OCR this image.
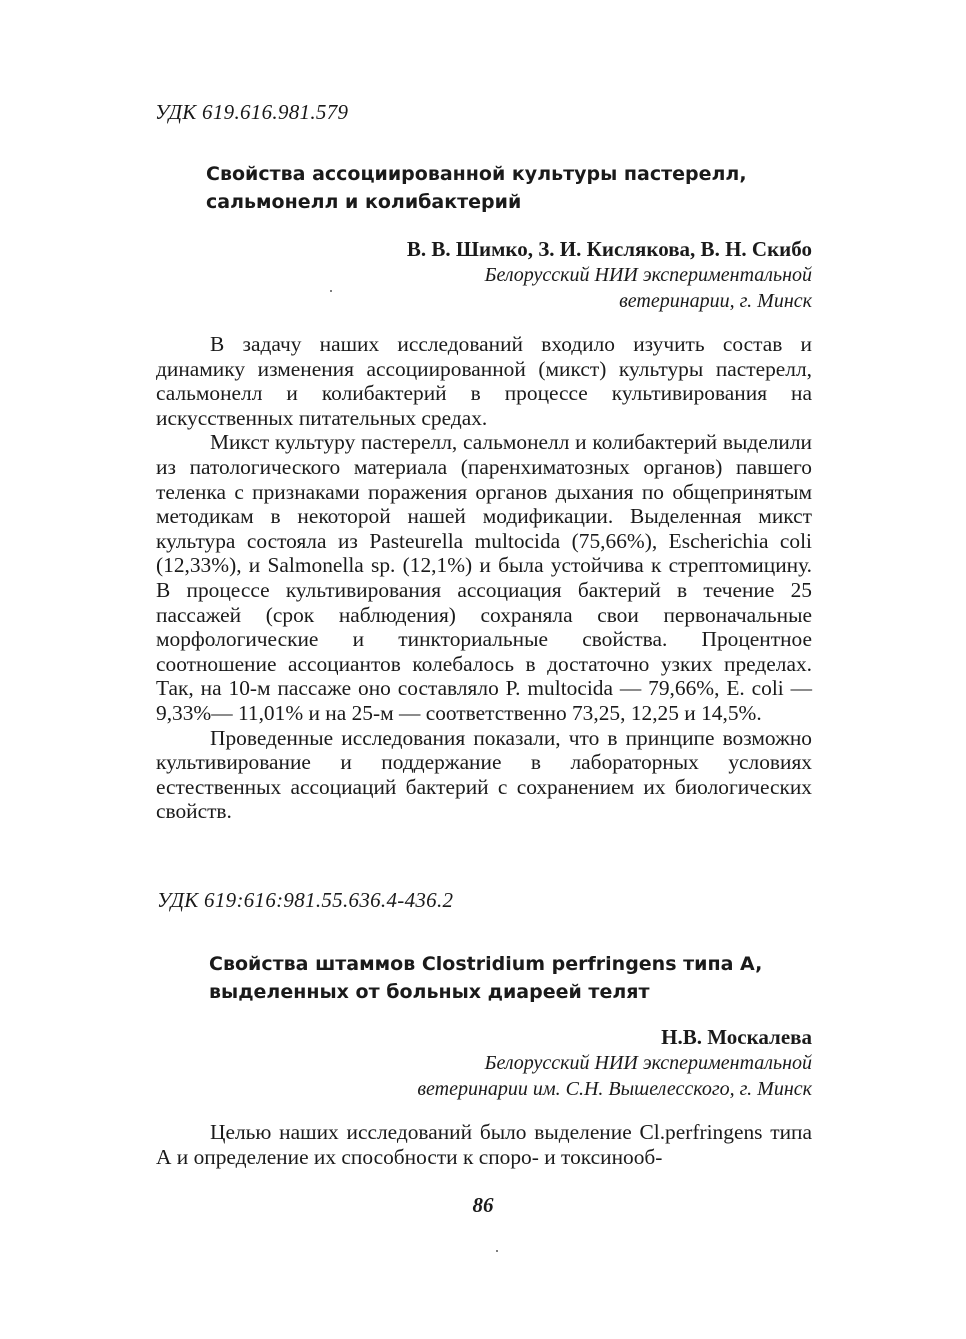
УДК 619.616.981.579

Свойства ассоциированной культуры пастерелл,
сальмонелл и колибактерий
В. В. Шимко, З. И. Кислякова, В. Н. Скибо
Белорусский НИИ экспериментальной
ветеринарии, г. Минск

В задачу наших исследований входило изучить состав и динамику изменения ассоциированной (микст) культуры пастерелл, сальмонелл и колибактерий в процессе культивирования на искусственных питательных средах.

Микст культуру пастерелл, сальмонелл и колибактерий выделили из патологического материала (паренхиматозных органов) павшего теленка с признаками поражения органов дыхания по общепринятым методикам в некоторой нашей модификации. Выделенная микст культура состояла из Pasteurella multocida (75,66%), Escherichia coli (12,33%), и Salmonella sp. (12,1%) и была устойчива к стрептомицину. В процессе культивирования ассоциация бактерий в течение 25 пассажей (срок наблюдения) сохраняла свои первоначальные морфологические и тинкториальные свойства. Процентное соотношение ассоциантов колебалось в достаточно узких пределах. Так, на 10-м пассаже оно составляло P. multocida — 79,66%, E. coli — 9,33%— 11,01% и на 25-м — соответственно 73,25, 12,25 и 14,5%.

Проведенные исследования показали, что в принципе возможно культивирование и поддержание в лабораторных условиях естественных ассоциаций бактерий с сохранением их биологических свойств.

УДК 619:616:981.55.636.4-436.2

Свойства штаммов Clostridium perfringens типа A,
выделенных от больных диареей телят
Н.В. Москалева
Белорусский НИИ экспериментальной
ветеринарии им. С.Н. Вышелесского, г. Минск

Целью наших исследований было выделение Cl.perfringens типа А и определение их способности к споро- и токсинооб-

86
